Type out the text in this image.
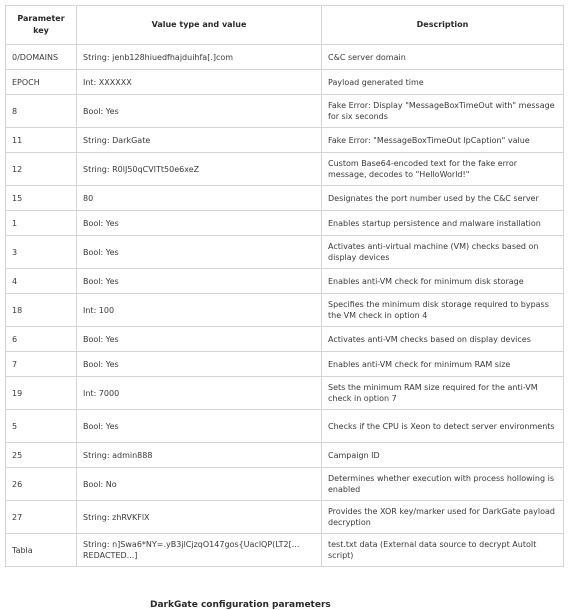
Parameter key	Value type and value	Description
0/DOMAINS	String: jenb128hiuedfhajduihfa[.]com	C&C server domain
EPOCH	Int: XXXXXX	Payload generated time
8	Bool: Yes	Fake Error: Display "MessageBoxTimeOut with" message for six seconds
11	String: DarkGate	Fake Error: "MessageBoxTimeOut lpCaption" value
12	String: R0lJ50qCVITt50e6xeZ	Custom Base64-encoded text for the fake error message, decodes to "HelloWorld!"
15	80	Designates the port number used by the C&C server
1	Bool: Yes	Enables startup persistence and malware installation
3	Bool: Yes	Activates anti-virtual machine (VM) checks based on display devices
4	Bool: Yes	Enables anti-VM check for minimum disk storage
18	Int: 100	Specifies the minimum disk storage required to bypass the VM check in option 4
6	Bool: Yes	Activates anti-VM checks based on display devices
7	Bool: Yes	Enables anti-VM check for minimum RAM size
19	Int: 7000	Sets the minimum RAM size required for the anti-VM check in option 7
5	Bool: Yes	Checks if the CPU is Xeon to detect server environments
25	String: admin888	Campaign ID
26	Bool: No	Determines whether execution with process hollowing is enabled
27	String: zhRVKFlX	Provides the XOR key/marker used for DarkGate payload decryption
Tabla	String: n]Swa6*NY=.yB3jlCjzqO147gos{UaclQP(LT2[... REDACTED...]	test.txt data (External data source to decrypt AutoIt script)
DarkGate configuration parameters
